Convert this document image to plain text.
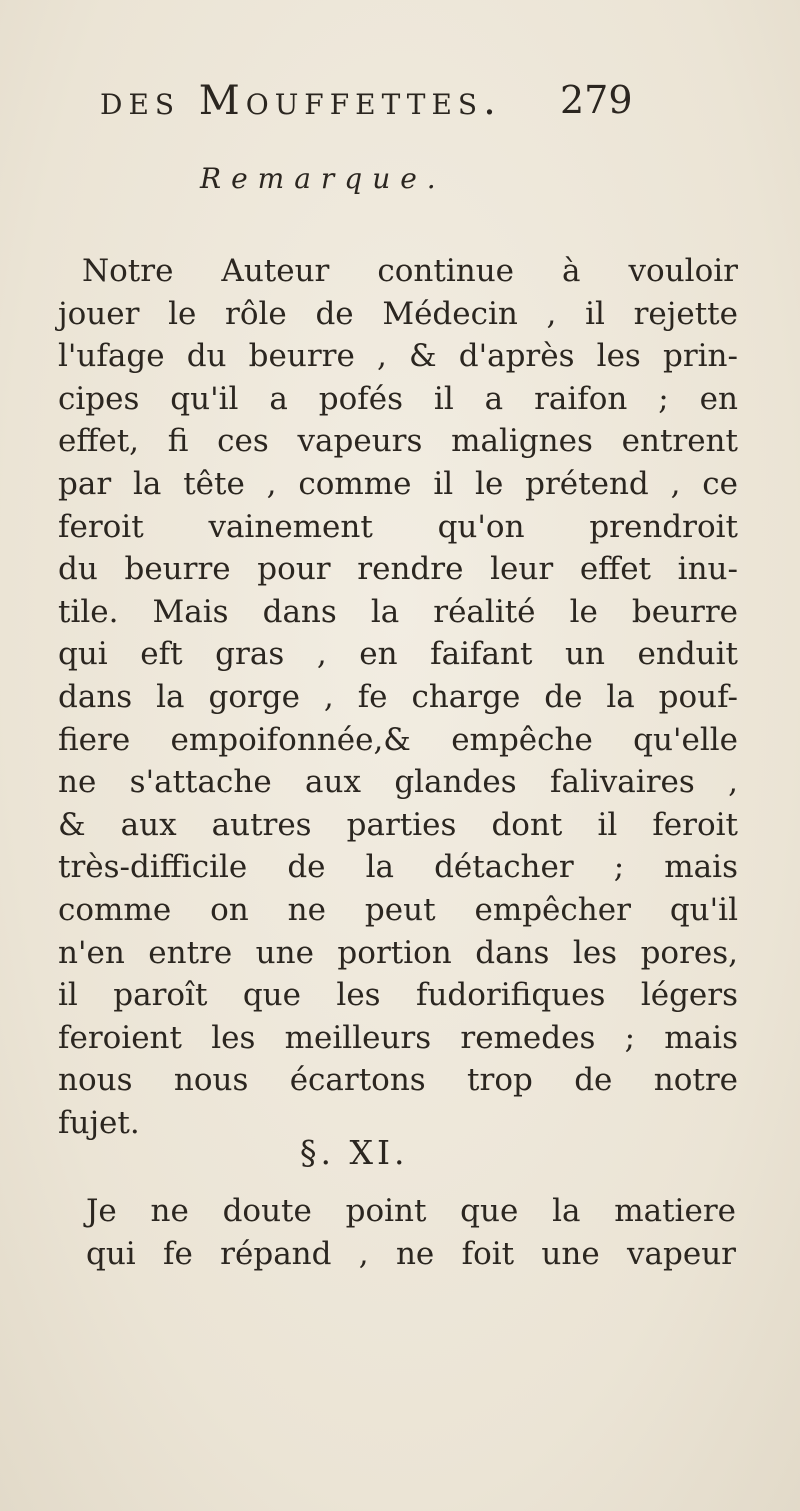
des Mouffettes. 279
Remarque.
Notre Auteur continue à vouloir
jouer le rôle de Médecin , il rejette
l'ufage du beurre , & d'après les prin-
cipes qu'il a pofés il a raifon ; en
effet, fi ces vapeurs malignes entrent
par la tête , comme il le prétend , ce
feroit vainement qu'on prendroit
du beurre pour rendre leur effet inu-
tile. Mais dans la réalité le beurre
qui eft gras , en faifant un enduit
dans la gorge , fe charge de la pouf-
fiere empoifonnée,& empêche qu'elle
ne s'attache aux glandes falivaires ,
& aux autres parties dont il feroit
très-difficile de la détacher ; mais
comme on ne peut empêcher qu'il
n'en entre une portion dans les pores,
il paroît que les fudorifiques légers
feroient les meilleurs remedes ; mais
nous nous écartons trop de notre
fujet.
§. XI.
Je ne doute point que la matiere
qui fe répand , ne foit une vapeur
